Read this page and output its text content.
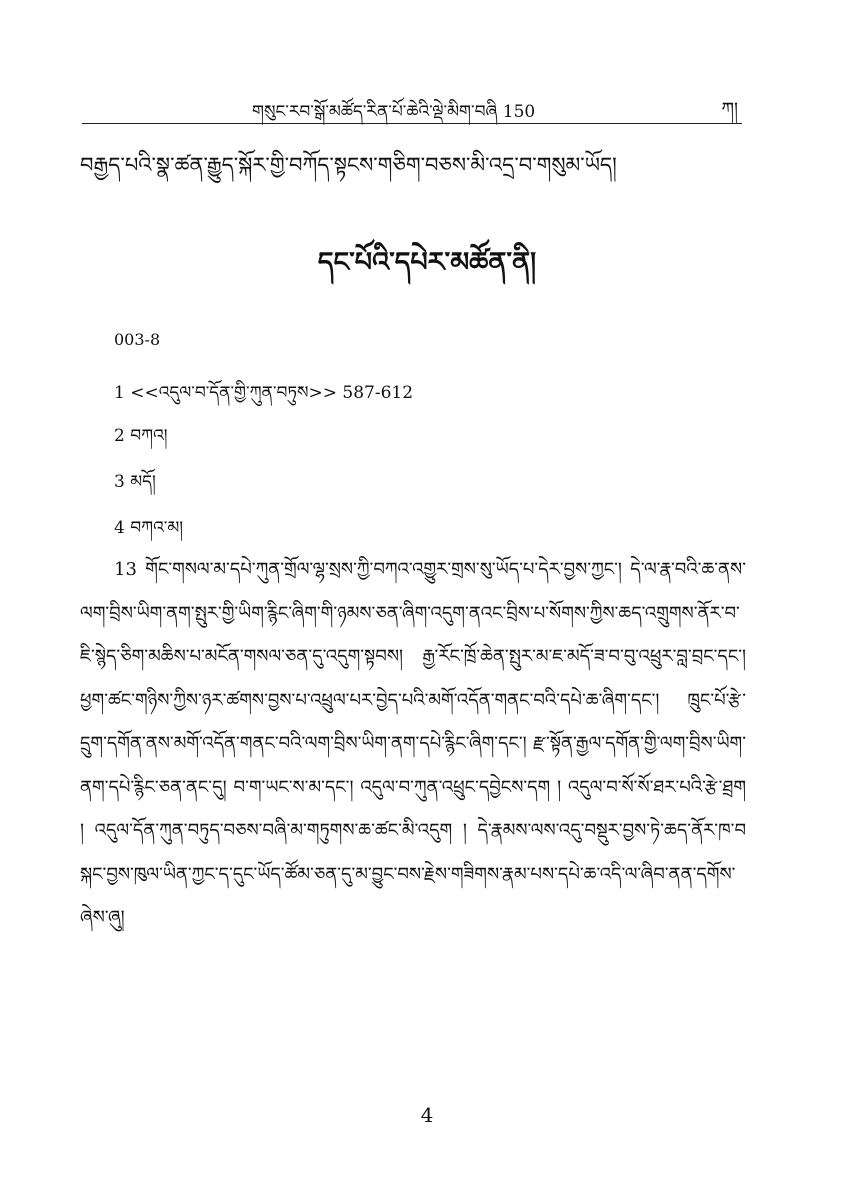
གསུང་རབ་སྒོ་མཚོད་རིན་པོ་ཆེའི་ལྡེ་མིག་བཞི 150	ཀ།
བརྒྱད་པའི་སྣ་ཚན་རྒྱུད་སྐོར་གྱི་བཀོད་སྟངས་གཅིག་བཅས་མི་འདྲ་བ་གསུམ་ཡོད།
དང་པོའི་དཔེར་མཚོན་ནི།
003-8
1 <<འདུལ་བ་དོན་གྱི་ཀུན་བཏུས>> 587-612
2 བཀའ།
3 མདོ།
4 བཀའ་མ།
13 གོང་གསལ་མ་དཔེ་ཀུན་གྲོལ་ལྷ་སྲས་ཀྱི་བཀའ་འགྱུར་གྲས་སུ་ཡོད་པ་དེར་བྱས་ཀྱང་། དེ་ལ་རྣ་བའི་ཆ་ནས་ལག་བྲིས་ཡིག་ནག་སྤུར་གྱི་ཡིག་རྙིང་ཞིག་གི་ཉམས་ཅན་ཞིག་འདུག་ནའང་བྲིས་པ་སོགས་ཀྱིས་ཆད་འགྲུགས་ནོར་བ་ཇི་སྙེད་ཅིག་མཆིས་པ་མངོན་གསལ་ཅན་དུ་འདུག་སྟབས། རྒྱ་རོང་ཁྲོ་ཆེན་སྤུར་མ་ཇ་མདོ་ཟ་བ་བུ་འཕྲུར་བླ་བྲང་དང་། ཕྱག་ཚང་གཉིས་ཀྱིས་ཉར་ཚགས་བྱས་པ་འཕྲུལ་པར་བྱེད་པའི་མགོ་འདོན་གནང་བའི་དཔེ་ཆ་ཞིག་དང་། ཁྲུང་པོ་རྩེ་དྲུག་དགོན་ནས་མགོ་འདོན་གནང་བའི་ལག་བྲིས་ཡིག་ནག་དཔེ་རྙིང་ཞིག་དང་། རྫ་སྟོན་རྒྱལ་དགོན་གྱི་ལག་བྲིས་ཡིག་ནག་དཔེ་རྙིང་ཅན་ནང་དུ། བ་ག་ཡང་ས་མ་དང་། འདུལ་བ་ཀུན་འཕྲུང་དབྱེངས་དག ། འདུལ་བ་སོ་སོ་ཐར་པའི་རྩེ་ཐྲག ། འདུལ་དོན་ཀུན་བཏུད་བཅས་བཞི་མ་གཏུགས་ཆ་ཚང་མི་འདུག ། དེ་རྣམས་ལས་འདུ་བསྡུར་བྱས་ཏེ་ཆད་ནོར་ཁ་བསྐང་བྱས་ཁུལ་ཡིན་ཀྱང་ད་དུང་ཡོད་ཚོམ་ཅན་དུ་མ་བྱུང་བས་རྗེས་གཟིགས་རྣམ་པས་དཔེ་ཆ་འདི་ལ་ཞིབ་ནན་དགོས་ཞེས་ཞུ།
4
